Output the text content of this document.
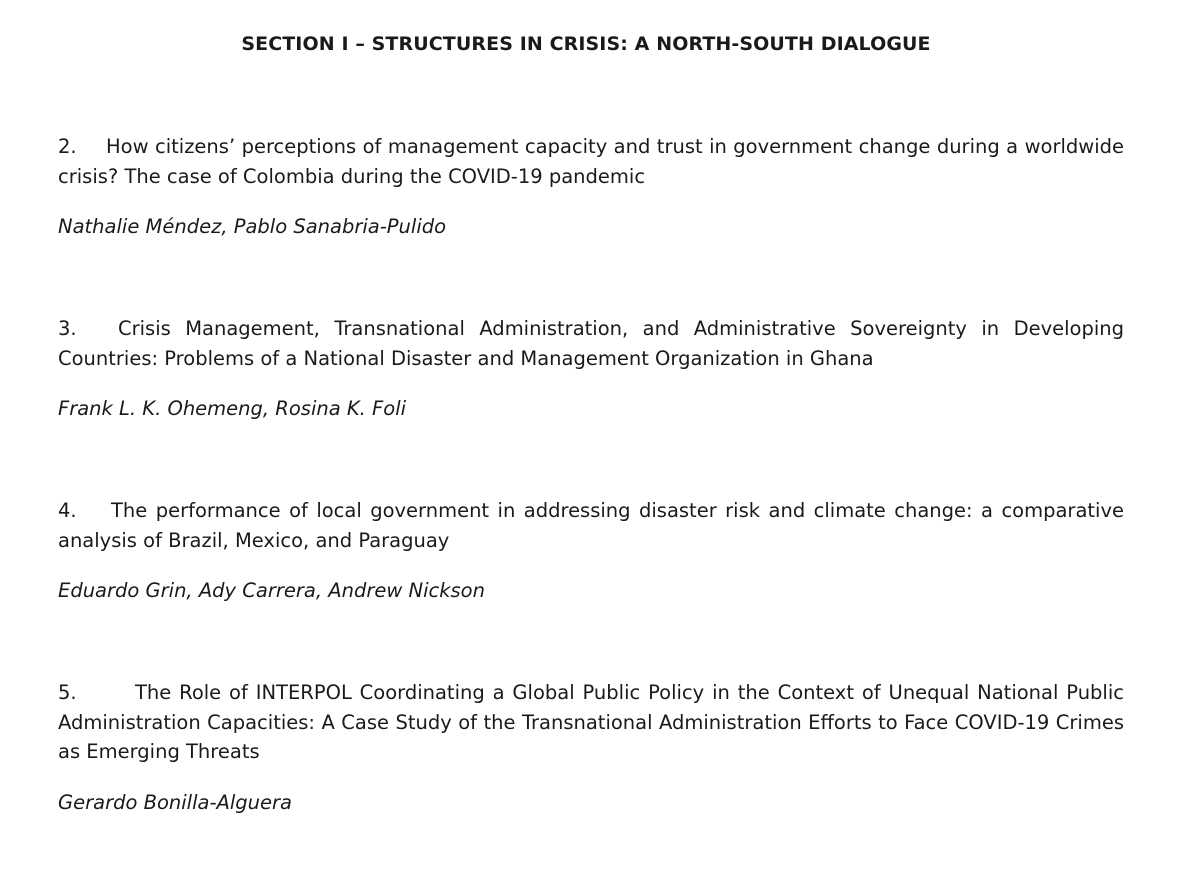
SECTION I – STRUCTURES IN CRISIS: A NORTH-SOUTH DIALOGUE

2. How citizens’ perceptions of management capacity and trust in government change during a worldwide crisis? The case of Colombia during the COVID-19 pandemic

Nathalie Méndez, Pablo Sanabria-Pulido

3. Crisis Management, Transnational Administration, and Administrative Sovereignty in Developing Countries: Problems of a National Disaster and Management Organization in Ghana

Frank L. K. Ohemeng, Rosina K. Foli

4. The performance of local government in addressing disaster risk and climate change: a comparative analysis of Brazil, Mexico, and Paraguay

Eduardo Grin, Ady Carrera, Andrew Nickson

5.	The Role of INTERPOL Coordinating a Global Public Policy in the Context of Unequal National Public Administration Capacities: A Case Study of the Transnational Administration Efforts to Face COVID-19 Crimes as Emerging Threats

Gerardo Bonilla-Alguera
